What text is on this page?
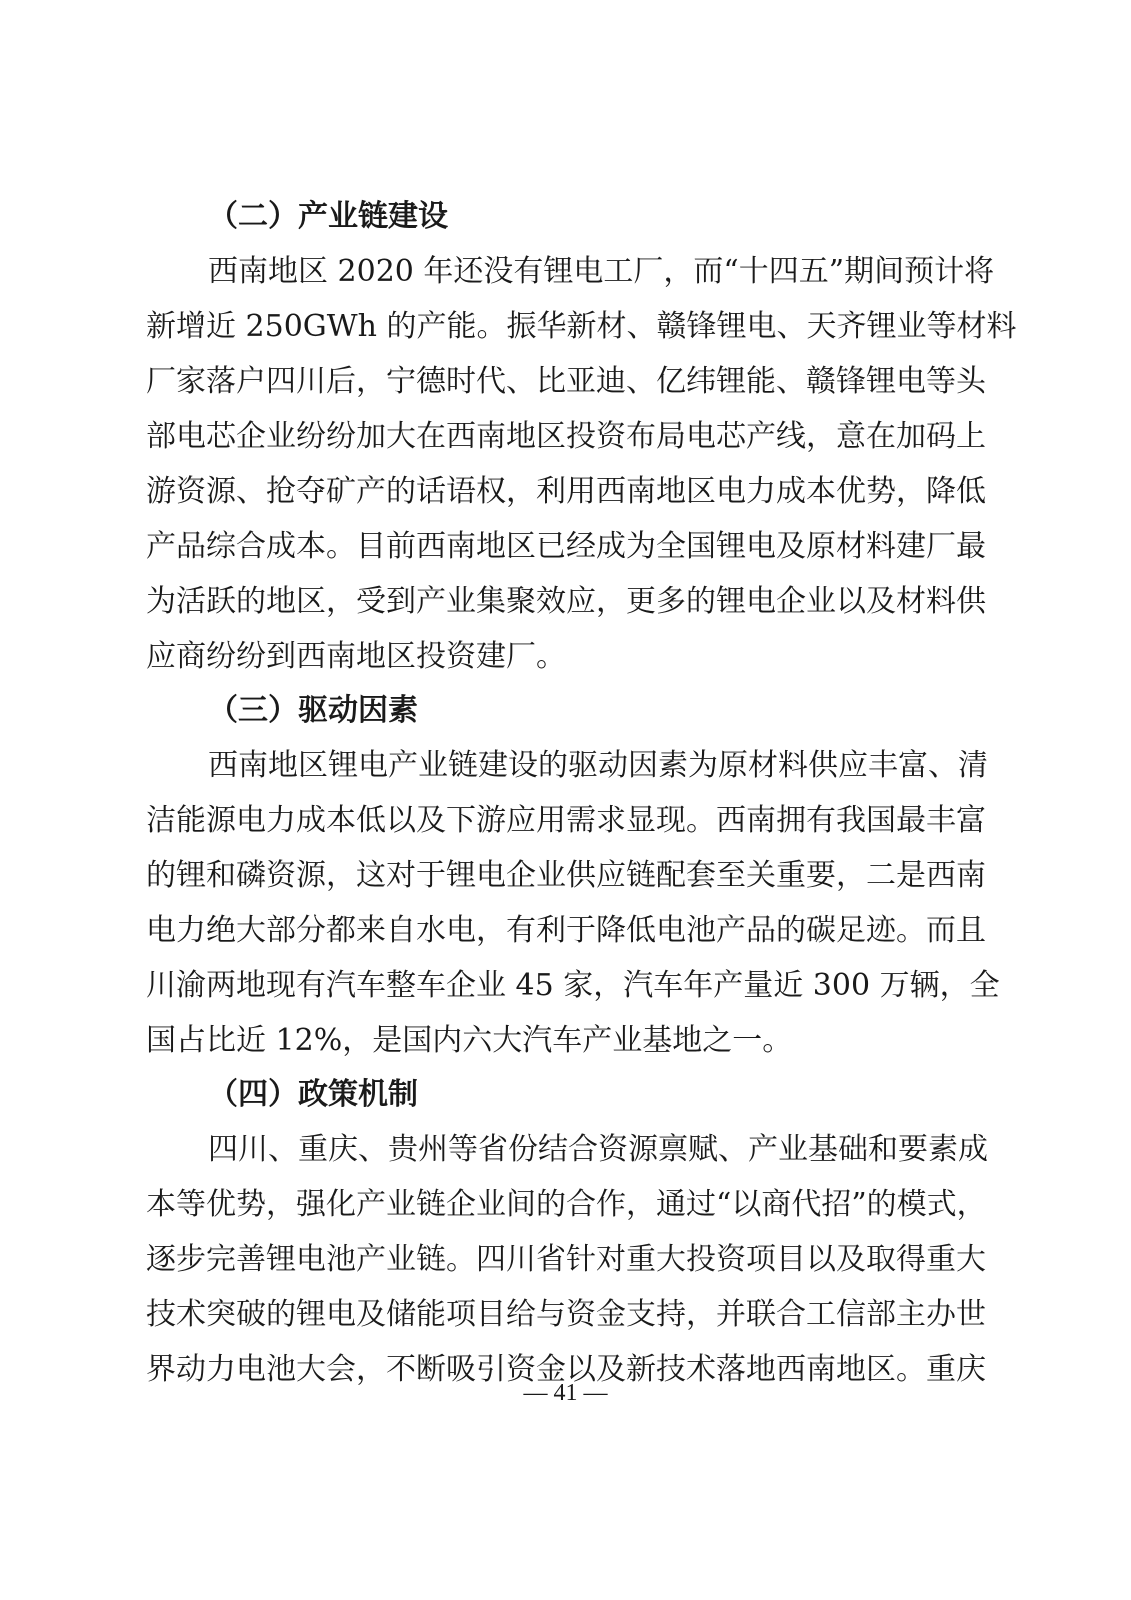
（二）产业链建设

西南地区 2020 年还没有锂电工厂，而“十四五”期间预计将
新增近 250GWh 的产能。振华新材、赣锋锂电、天齐锂业等材料
厂家落户四川后，宁德时代、比亚迪、亿纬锂能、赣锋锂电等头
部电芯企业纷纷加大在西南地区投资布局电芯产线，意在加码上
游资源、抢夺矿产的话语权，利用西南地区电力成本优势，降低
产品综合成本。目前西南地区已经成为全国锂电及原材料建厂最
为活跃的地区，受到产业集聚效应，更多的锂电企业以及材料供
应商纷纷到西南地区投资建厂。

（三）驱动因素

西南地区锂电产业链建设的驱动因素为原材料供应丰富、清
洁能源电力成本低以及下游应用需求显现。西南拥有我国最丰富
的锂和磷资源，这对于锂电企业供应链配套至关重要，二是西南
电力绝大部分都来自水电，有利于降低电池产品的碳足迹。而且
川渝两地现有汽车整车企业 45 家，汽车年产量近 300 万辆，全
国占比近 12%，是国内六大汽车产业基地之一。

（四）政策机制

四川、重庆、贵州等省份结合资源禀赋、产业基础和要素成
本等优势，强化产业链企业间的合作，通过“以商代招”的模式，
逐步完善锂电池产业链。四川省针对重大投资项目以及取得重大
技术突破的锂电及储能项目给与资金支持，并联合工信部主办世
界动力电池大会，不断吸引资金以及新技术落地西南地区。重庆

— 41 —
